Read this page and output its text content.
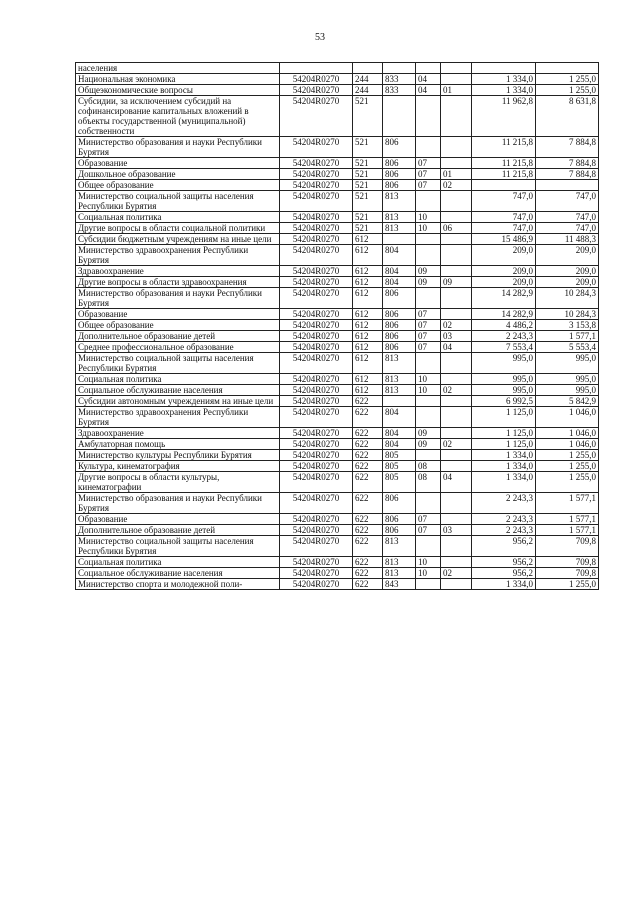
53
населения							
Национальная экономика	54204R0270	244	833	04		1 334,0	1 255,0
Общеэкономические вопросы	54204R0270	244	833	04	01	1 334,0	1 255,0
Субсидии, за исключением субсидий на софинансирование капитальных вложений в объекты государственной (муниципальной) собственности	54204R0270	521				11 962,8	8 631,8
Министерство образования и науки Республики Бурятия	54204R0270	521	806			11 215,8	7 884,8
Образование	54204R0270	521	806	07		11 215,8	7 884,8
Дошкольное образование	54204R0270	521	806	07	01	11 215,8	7 884,8
Общее образование	54204R0270	521	806	07	02		
Министерство социальной защиты населения Республики Бурятия	54204R0270	521	813			747,0	747,0
Социальная политика	54204R0270	521	813	10		747,0	747,0
Другие вопросы в области социальной политики	54204R0270	521	813	10	06	747,0	747,0
Субсидии бюджетным учреждениям на иные цели	54204R0270	612				15 486,9	11 488,3
Министерство здравоохранения Республики Бурятия	54204R0270	612	804			209,0	209,0
Здравоохранение	54204R0270	612	804	09		209,0	209,0
Другие вопросы в области здравоохранения	54204R0270	612	804	09	09	209,0	209,0
Министерство образования и науки Республики Бурятия	54204R0270	612	806			14 282,9	10 284,3
Образование	54204R0270	612	806	07		14 282,9	10 284,3
Общее образование	54204R0270	612	806	07	02	4 486,2	3 153,8
Дополнительное образование детей	54204R0270	612	806	07	03	2 243,3	1 577,1
Среднее профессиональное образование	54204R0270	612	806	07	04	7 553,4	5 553,4
Министерство социальной защиты населения Республики Бурятия	54204R0270	612	813			995,0	995,0
Социальная политика	54204R0270	612	813	10		995,0	995,0
Социальное обслуживание населения	54204R0270	612	813	10	02	995,0	995,0
Субсидии автономным учреждениям на иные цели	54204R0270	622				6 992,5	5 842,9
Министерство здравоохранения Республики Бурятия	54204R0270	622	804			1 125,0	1 046,0
Здравоохранение	54204R0270	622	804	09		1 125,0	1 046,0
Амбулаторная помощь	54204R0270	622	804	09	02	1 125,0	1 046,0
Министерство культуры Республики Бурятия	54204R0270	622	805			1 334,0	1 255,0
Культура, кинематография	54204R0270	622	805	08		1 334,0	1 255,0
Другие вопросы в области культуры, кинематографии	54204R0270	622	805	08	04	1 334,0	1 255,0
Министерство образования и науки Республики Бурятия	54204R0270	622	806			2 243,3	1 577,1
Образование	54204R0270	622	806	07		2 243,3	1 577,1
Дополнительное образование детей	54204R0270	622	806	07	03	2 243,3	1 577,1
Министерство социальной защиты населения Республики Бурятия	54204R0270	622	813			956,2	709,8
Социальная политика	54204R0270	622	813	10		956,2	709,8
Социальное обслуживание населения	54204R0270	622	813	10	02	956,2	709,8
Министерство спорта и молодежной поли-	54204R0270	622	843			1 334,0	1 255,0
